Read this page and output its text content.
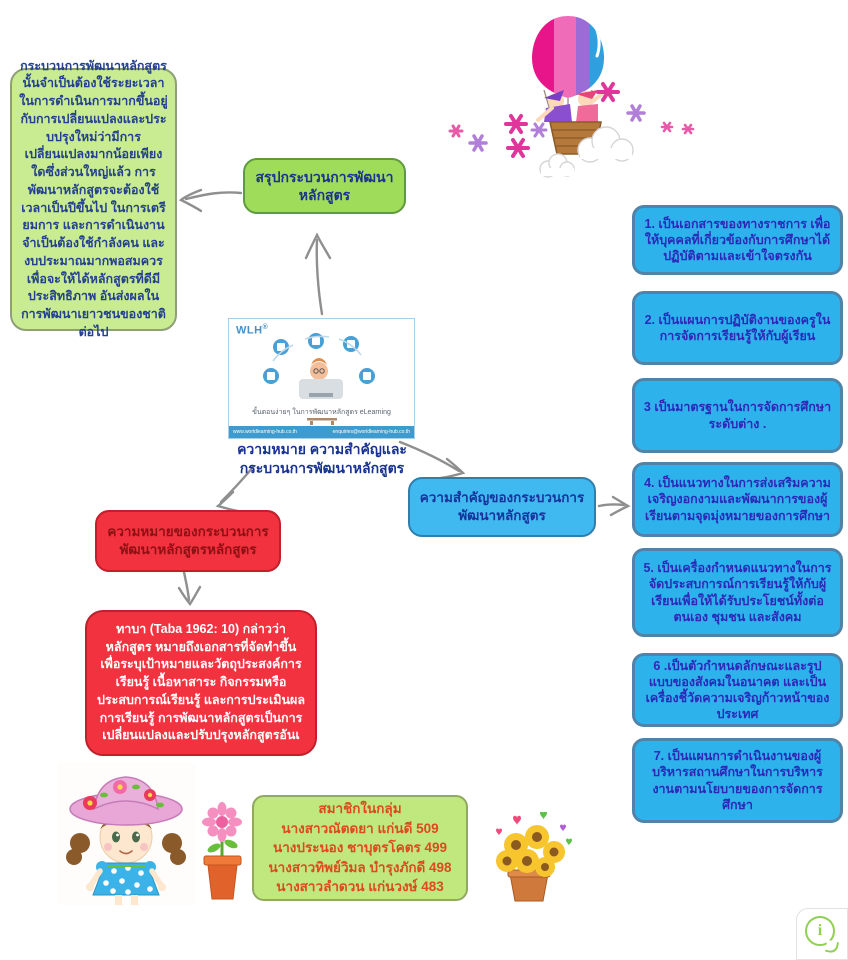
กระบวนการพัฒนาหลักสูตรนั้นจำเป็นต้องใช้ระยะเวลาในการดำเนินการมากขึ้นอยู่กับการเปลี่ยนแปลงและประบปรุงใหม่ว่ามีการเปลี่ยนแปลงมากน้อยเพียงใดซึ่งส่วนใหญ่แล้ว การพัฒนาหลักสูตรจะต้องใช้เวลาเป็นปีขึ้นไป ในการเตรียมการ และการดำเนินงานจำเป็นต้องใช้กำลังคน และงบประมาณมากพอสมควร เพื่อจะให้ได้หลักสูตรที่ดีมีประสิทธิภาพ อันส่งผลในการพัฒนาเยาวชนของชาติต่อไป
สรุปกระบวนการพัฒนาหลักสูตร
WLH®
ขั้นตอนง่ายๆ ในการพัฒนาหลักสูตร eLearning
www.worldlearning-hub.co.th	enquiries@worldlearning-hub.co.th
ความหมาย ความสำคัญและกระบวนการพัฒนาหลักสูตร
ความหมายของกระบวนการพัฒนาหลักสูตรหลักสูตร
ทาบา (Taba 1962: 10) กล่าวว่าหลักสูตร หมายถึงเอกสารที่จัดทำขึ้น เพื่อระบุเป้าหมายและวัตถุประสงค์การเรียนรู้ เนื้อหาสาระ กิจกรรมหรือประสบการณ์เรียนรู้ และการประเมินผลการเรียนรู้ การพัฒนาหลักสูตรเป็นการเปลี่ยนแปลงและปรับปรุงหลักสูตรอันเ
ความสำคัญของกระบวนการพัฒนาหลักสูตร
1. เป็นเอกสารของทางราชการ เพื่อให้บุคคลที่เกี่ยวข้องกับการศึกษาได้ปฏิบัติตามและเข้าใจตรงกัน
2. เป็นแผนการปฏิบัติงานของครูในการจัดการเรียนรู้ให้กับผู้เรียน
3 เป็นมาตรฐานในการจัดการศึกษาระดับต่าง .
4. เป็นแนวทางในการส่งเสริมความเจริญงอกงามและพัฒนาการของผู้เรียนตามจุดมุ่งหมายของการศึกษา
5. เป็นเครื่องกำหนดแนวทางในการจัดประสบการณ์การเรียนรู้ให้กับผู้เรียนเพื่อให้ได้รับประโยชน์ทั้งต่อตนเอง ชุมชน และสังคม
6 .เป็นตัวกำหนดลักษณะและรูปแบบของสังคมในอนาคต และเป็นเครื่องชี้วัดความเจริญก้าวหน้าของประเทศ
7. เป็นแผนการดำเนินงานของผู้บริหารสถานศึกษาในการบริหารงานตามนโยบายของการจัดการศึกษา
สมาชิกในกลุ่ม
นางสาวณัตดยา แก่นดี 509
นางประนอง ชาบุตรโคตร 499
นางสาวทิพย์วิมล บำรุงภักดี 498
นางสาวลำดวน แก่นวงษ์ 483
i
